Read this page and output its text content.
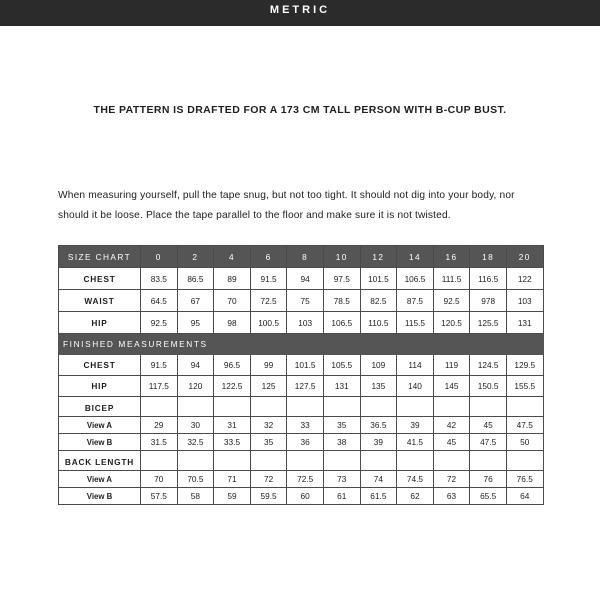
METRIC
THE PATTERN IS DRAFTED FOR A 173 CM TALL PERSON WITH B-CUP BUST.
When measuring yourself, pull the tape snug, but not too tight. It should not dig into your body, nor
should it be loose. Place the tape parallel to the floor and make sure it is not twisted.
SIZE CHART	0	2	4	6	8	10	12	14	16	18	20
CHEST	83.5	86.5	89	91.5	94	97.5	101.5	106.5	111.5	116.5	122
WAIST	64.5	67	70	72.5	75	78.5	82.5	87.5	92.5	978	103
HIP	92.5	95	98	100.5	103	106.5	110.5	115.5	120.5	125.5	131
FINISHED MEASUREMENTS											
CHEST	91.5	94	96.5	99	101.5	105.5	109	114	119	124.5	129.5
HIP	117.5	120	122.5	125	127.5	131	135	140	145	150.5	155.5
BICEP											
View A	29	30	31	32	33	35	36.5	39	42	45	47.5
View B	31.5	32.5	33.5	35	36	38	39	41.5	45	47.5	50
BACK LENGTH											
View A	70	70.5	71	72	72.5	73	74	74.5	72	76	76.5
View B	57.5	58	59	59.5	60	61	61.5	62	63	65.5	64
